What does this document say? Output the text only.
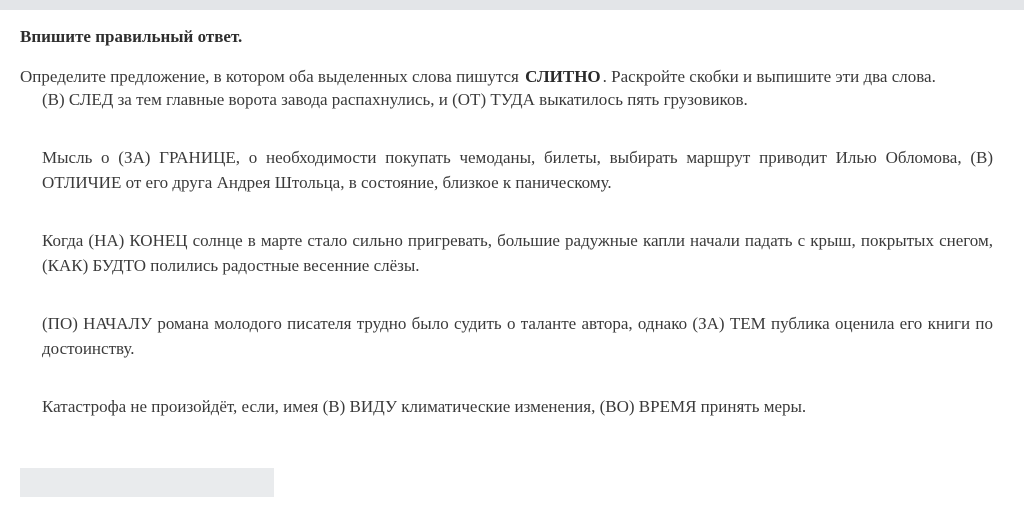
Впишите правильный ответ.

Определите предложение, в котором оба выделенных слова пишутся СЛИТНО . Раскройте скобки и выпишите эти два слова.
(В) СЛЕД за тем главные ворота завода распахнулись, и (ОТ) ТУДА выкатилось пять грузовиков.
Мысль о (ЗА) ГРАНИЦЕ, о необходимости покупать чемоданы, билеты, выбирать маршрут приводит Илью Обломова, (В) ОТЛИЧИЕ от его друга Андрея Штольца, в состояние, близкое к паническому.
Когда (НА) КОНЕЦ солнце в марте стало сильно пригревать, большие радужные капли начали падать с крыш, покрытых снегом, (КАК) БУДТО полились радостные весенние слёзы.
(ПО) НАЧАЛУ романа молодого писателя трудно было судить о таланте автора, однако (ЗА) ТЕМ публика оценила его книги по достоинству.
Катастрофа не произойдёт, если, имея (В) ВИДУ климатические изменения, (ВО) ВРЕМЯ принять меры.
